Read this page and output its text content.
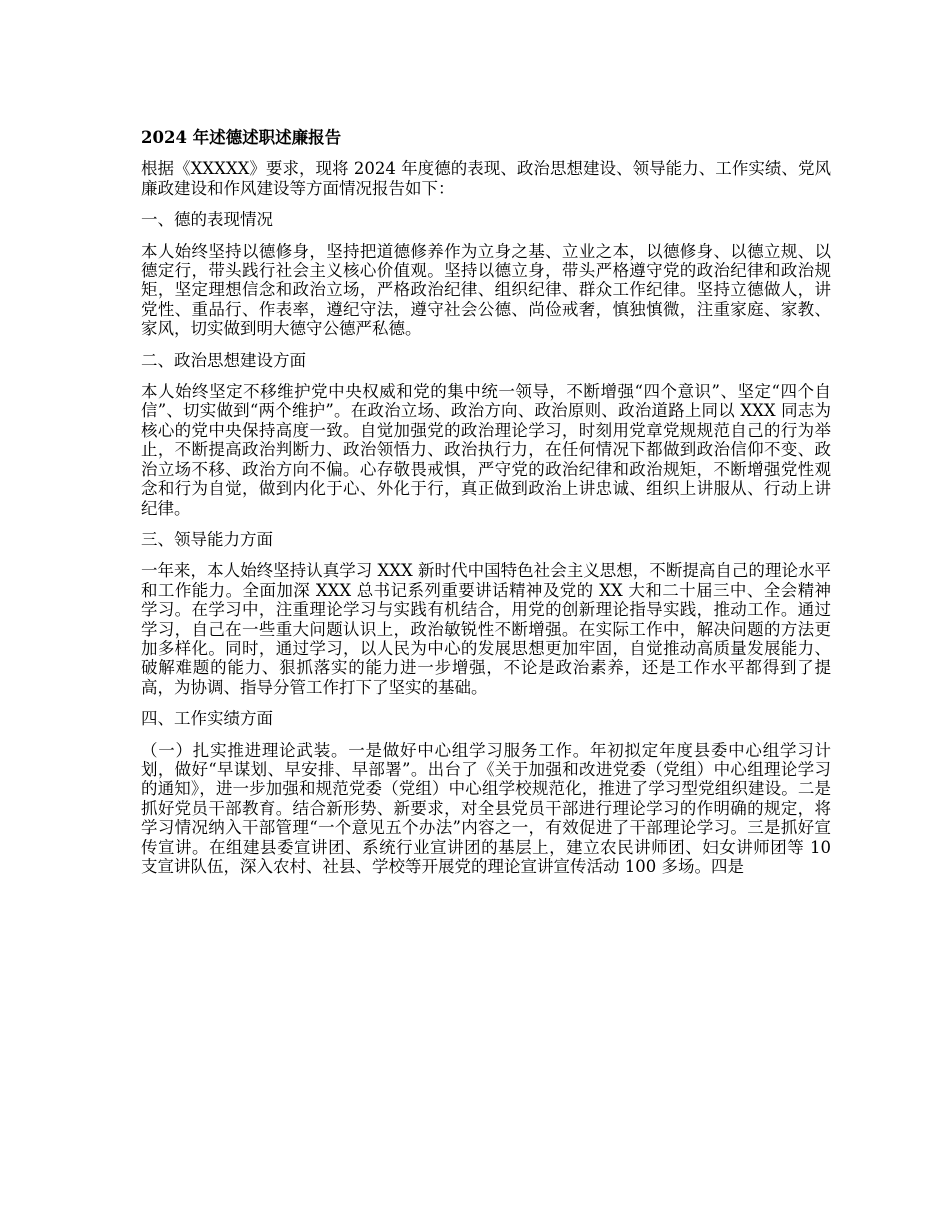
2024 年述德述职述廉报告
根据《XXXXX》要求，现将 2024 年度德的表现、政治思想建设、领导能力、工作实绩、党风廉政建设和作风建设等方面情况报告如下：
一、德的表现情况
本人始终坚持以德修身，坚持把道德修养作为立身之基、立业之本，以德修身、以德立规、以德定行，带头践行社会主义核心价值观。坚持以德立身，带头严格遵守党的政治纪律和政治规矩，坚定理想信念和政治立场，严格政治纪律、组织纪律、群众工作纪律。坚持立德做人，讲党性、重品行、作表率，遵纪守法，遵守社会公德、尚俭戒奢，慎独慎微，注重家庭、家教、家风，切实做到明大德守公德严私德。
二、政治思想建设方面
本人始终坚定不移维护党中央权威和党的集中统一领导，不断增强“四个意识”、坚定“四个自信”、切实做到“两个维护”。在政治立场、政治方向、政治原则、政治道路上同以 XXX 同志为核心的党中央保持高度一致。自觉加强党的政治理论学习，时刻用党章党规规范自己的行为举止，不断提高政治判断力、政治领悟力、政治执行力，在任何情况下都做到政治信仰不变、政治立场不移、政治方向不偏。心存敬畏戒惧，严守党的政治纪律和政治规矩，不断增强党性观念和行为自觉，做到内化于心、外化于行，真正做到政治上讲忠诚、组织上讲服从、行动上讲纪律。
三、领导能力方面
一年来，本人始终坚持认真学习 XXX 新时代中国特色社会主义思想，不断提高自己的理论水平和工作能力。全面加深 XXX 总书记系列重要讲话精神及党的 XX 大和二十届三中、全会精神学习。在学习中，注重理论学习与实践有机结合，用党的创新理论指导实践，推动工作。通过学习，自己在一些重大问题认识上，政治敏锐性不断增强。在实际工作中，解决问题的方法更加多样化。同时，通过学习，以人民为中心的发展思想更加牢固，自觉推动高质量发展能力、破解难题的能力、狠抓落实的能力进一步增强，不论是政治素养，还是工作水平都得到了提高，为协调、指导分管工作打下了坚实的基础。
四、工作实绩方面
（一）扎实推进理论武装。一是做好中心组学习服务工作。年初拟定年度县委中心组学习计划，做好“早谋划、早安排、早部署”。出台了《关于加强和改进党委（党组）中心组理论学习的通知》，进一步加强和规范党委（党组）中心组学校规范化，推进了学习型党组织建设。二是抓好党员干部教育。结合新形势、新要求，对全县党员干部进行理论学习的作明确的规定，将学习情况纳入干部管理“一个意见五个办法”内容之一，有效促进了干部理论学习。三是抓好宣传宣讲。在组建县委宣讲团、系统行业宣讲团的基层上，建立农民讲师团、妇女讲师团等 10 支宣讲队伍，深入农村、社县、学校等开展党的理论宣讲宣传活动 100 多场。四是
